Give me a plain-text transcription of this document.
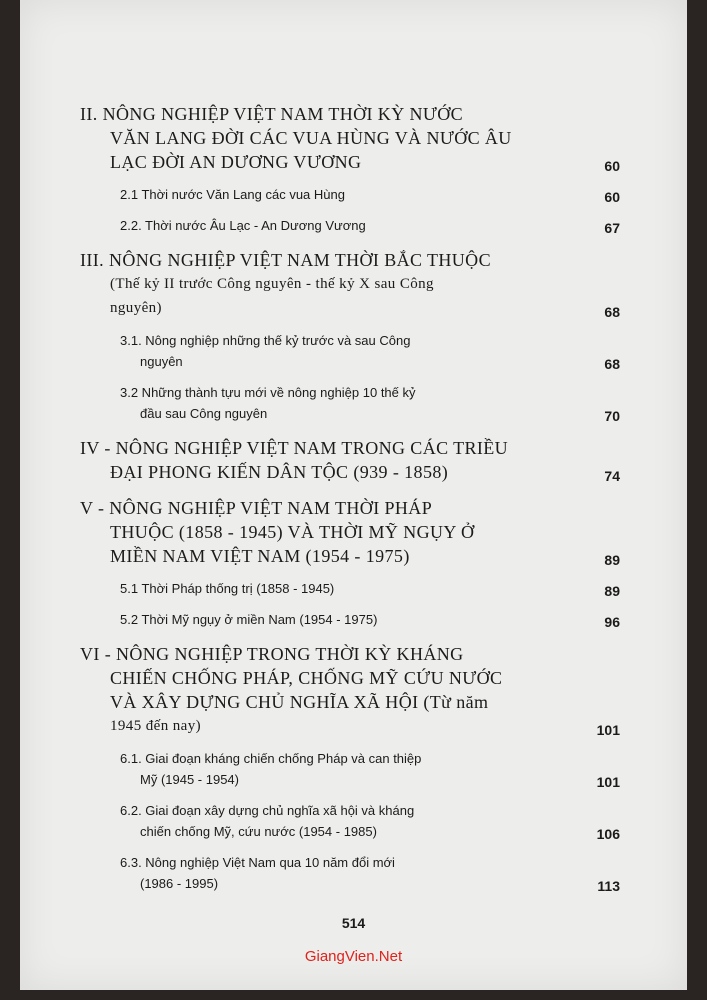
II. NÔNG NGHIỆP VIỆT NAM THỜI KỲ NƯỚC
VĂN LANG ĐỜI CÁC VUA HÙNG VÀ NƯỚC ÂU
LẠC ĐỜI AN DƯƠNG VƯƠNG	60
2.1 Thời nước Văn Lang các vua Hùng	60
2.2. Thời nước Âu Lạc - An Dương Vương	67
III. NÔNG NGHIỆP VIỆT NAM THỜI BẮC THUỘC
(Thế kỷ II trước Công nguyên - thế kỷ X sau Công
nguyên)	68
3.1. Nông nghiệp những thế kỷ trước và sau Công
nguyên	68
3.2 Những thành tựu mới về nông nghiệp 10 thế kỷ
đầu sau Công nguyên	70
IV - NÔNG NGHIỆP VIỆT NAM TRONG CÁC TRIỀU
ĐẠI PHONG KIẾN DÂN TỘC (939 - 1858)	74
V - NÔNG NGHIỆP VIỆT NAM THỜI PHÁP
THUỘC (1858 - 1945) VÀ THỜI MỸ NGỤY Ở
MIỀN NAM VIỆT NAM (1954 - 1975)	89
5.1 Thời Pháp thống trị (1858 - 1945)	89
5.2 Thời Mỹ ngụy ở miền Nam (1954 - 1975)	96
VI - NÔNG NGHIỆP TRONG THỜI KỲ KHÁNG
CHIẾN CHỐNG PHÁP, CHỐNG MỸ CỨU NƯỚC
VÀ XÂY DỰNG CHỦ NGHĨA XÃ HỘI (Từ năm
1945 đến nay)	101
6.1. Giai đoạn kháng chiến chống Pháp và can thiệp
Mỹ (1945 - 1954)	101
6.2. Giai đoạn xây dựng chủ nghĩa xã hội và kháng
chiến chống Mỹ, cứu nước (1954 - 1985)	106
6.3. Nông nghiệp Việt Nam qua 10 năm đổi mới
(1986 - 1995)	113
514
GiangVien.Net
